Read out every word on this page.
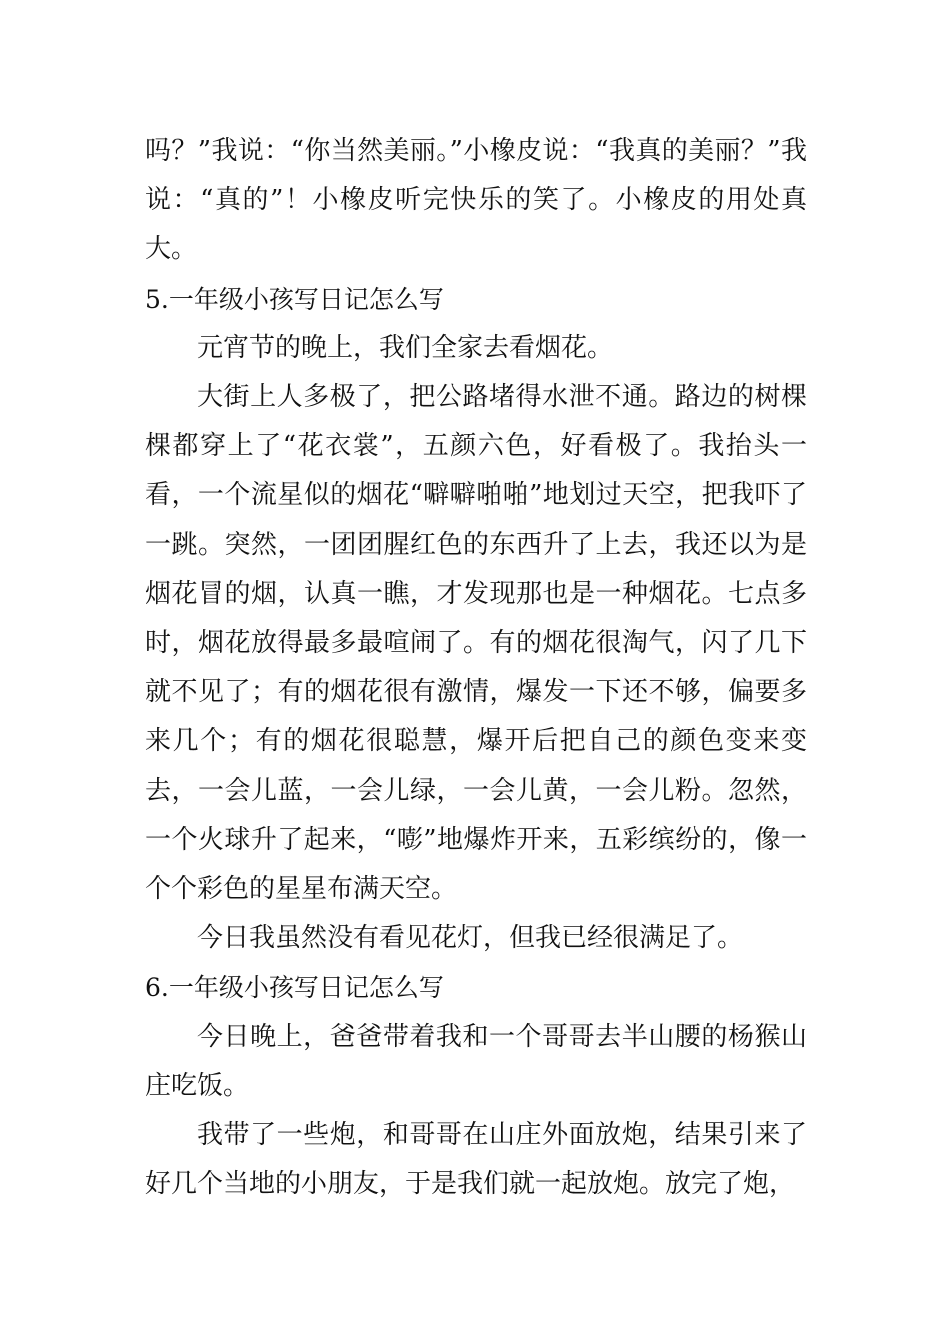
吗？”我说：“你当然美丽。”小橡皮说：“我真的美丽？”我说：“真的”！小橡皮听完快乐的笑了。小橡皮的用处真大。

5.一年级小孩写日记怎么写

元宵节的晚上，我们全家去看烟花。

大街上人多极了，把公路堵得水泄不通。路边的树棵棵都穿上了“花衣裳”，五颜六色，好看极了。我抬头一看，一个流星似的烟花“噼噼啪啪”地划过天空，把我吓了一跳。突然，一团团腥红色的东西升了上去，我还以为是烟花冒的烟，认真一瞧，才发现那也是一种烟花。七点多时，烟花放得最多最喧闹了。有的烟花很淘气，闪了几下就不见了；有的烟花很有激情，爆发一下还不够，偏要多来几个；有的烟花很聪慧，爆开后把自己的颜色变来变去，一会儿蓝，一会儿绿，一会儿黄，一会儿粉。忽然，一个火球升了起来，“嘭”地爆炸开来，五彩缤纷的，像一个个彩色的星星布满天空。

今日我虽然没有看见花灯，但我已经很满足了。

6.一年级小孩写日记怎么写

今日晚上，爸爸带着我和一个哥哥去半山腰的杨猴山庄吃饭。

我带了一些炮，和哥哥在山庄外面放炮，结果引来了好几个当地的小朋友，于是我们就一起放炮。放完了炮，
